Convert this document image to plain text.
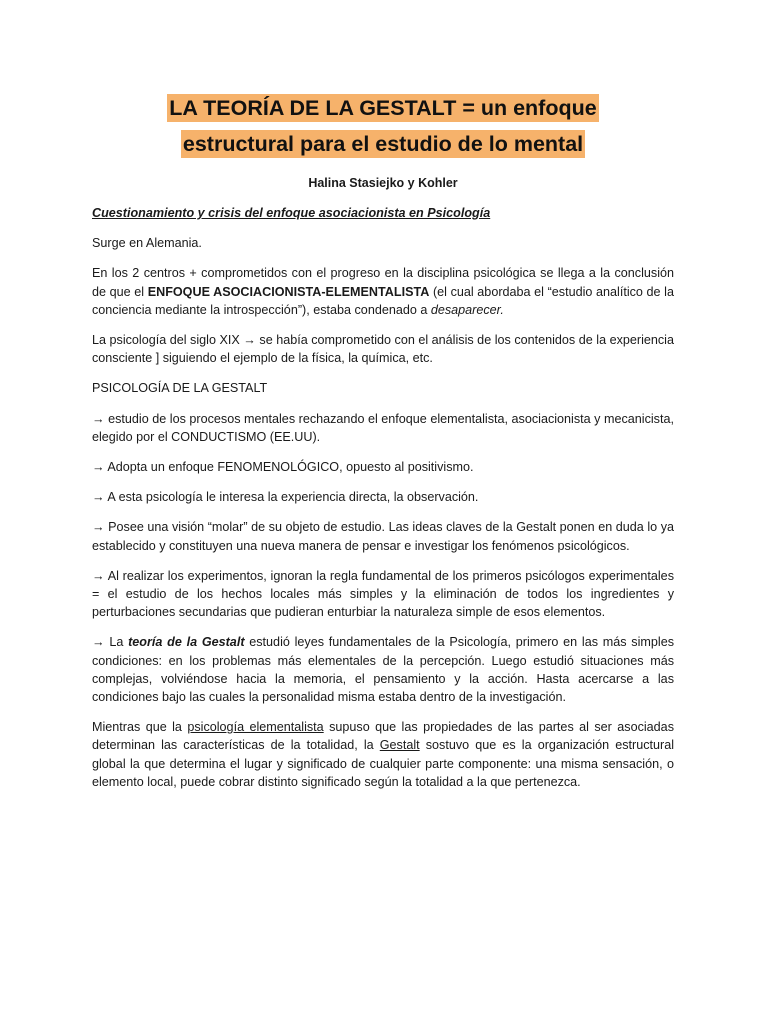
LA TEORÍA DE LA GESTALT = un enfoque
estructural para el estudio de lo mental

Halina Stasiejko y Kohler

Cuestionamiento y crisis del enfoque asociacionista en Psicología

Surge en Alemania.

En los 2 centros + comprometidos con el progreso en la disciplina psicológica se llega a la conclusión de que el ENFOQUE ASOCIACIONISTA-ELEMENTALISTA (el cual abordaba el “estudio analítico de la conciencia mediante la introspección”), estaba condenado a desaparecer.

La psicología del siglo XIX → se había comprometido con el análisis de los contenidos de la experiencia consciente ] siguiendo el ejemplo de la física, la química, etc.

PSICOLOGÍA DE LA GESTALT

→ estudio de los procesos mentales rechazando el enfoque elementalista, asociacionista y mecanicista, elegido por el CONDUCTISMO (EE.UU).

→ Adopta un enfoque FENOMENOLÓGICO, opuesto al positivismo.

→ A esta psicología le interesa la experiencia directa, la observación.

→ Posee una visión “molar” de su objeto de estudio. Las ideas claves de la Gestalt ponen en duda lo ya establecido y constituyen una nueva manera de pensar e investigar los fenómenos psicológicos.

→ Al realizar los experimentos, ignoran la regla fundamental de los primeros psicólogos experimentales = el estudio de los hechos locales más simples y la eliminación de todos los ingredientes y perturbaciones secundarias que pudieran enturbiar la naturaleza simple de esos elementos.

→ La teoría de la Gestalt estudió leyes fundamentales de la Psicología, primero en las más simples condiciones: en los problemas más elementales de la percepción. Luego estudió situaciones más complejas, volviéndose hacia la memoria, el pensamiento y la acción. Hasta acercarse a las condiciones bajo las cuales la personalidad misma estaba dentro de la investigación.

Mientras que la psicología elementalista supuso que las propiedades de las partes al ser asociadas determinan las características de la totalidad, la Gestalt sostuvo que es la organización estructural global la que determina el lugar y significado de cualquier parte componente: una misma sensación, o elemento local, puede cobrar distinto significado según la totalidad a la que pertenezca.
